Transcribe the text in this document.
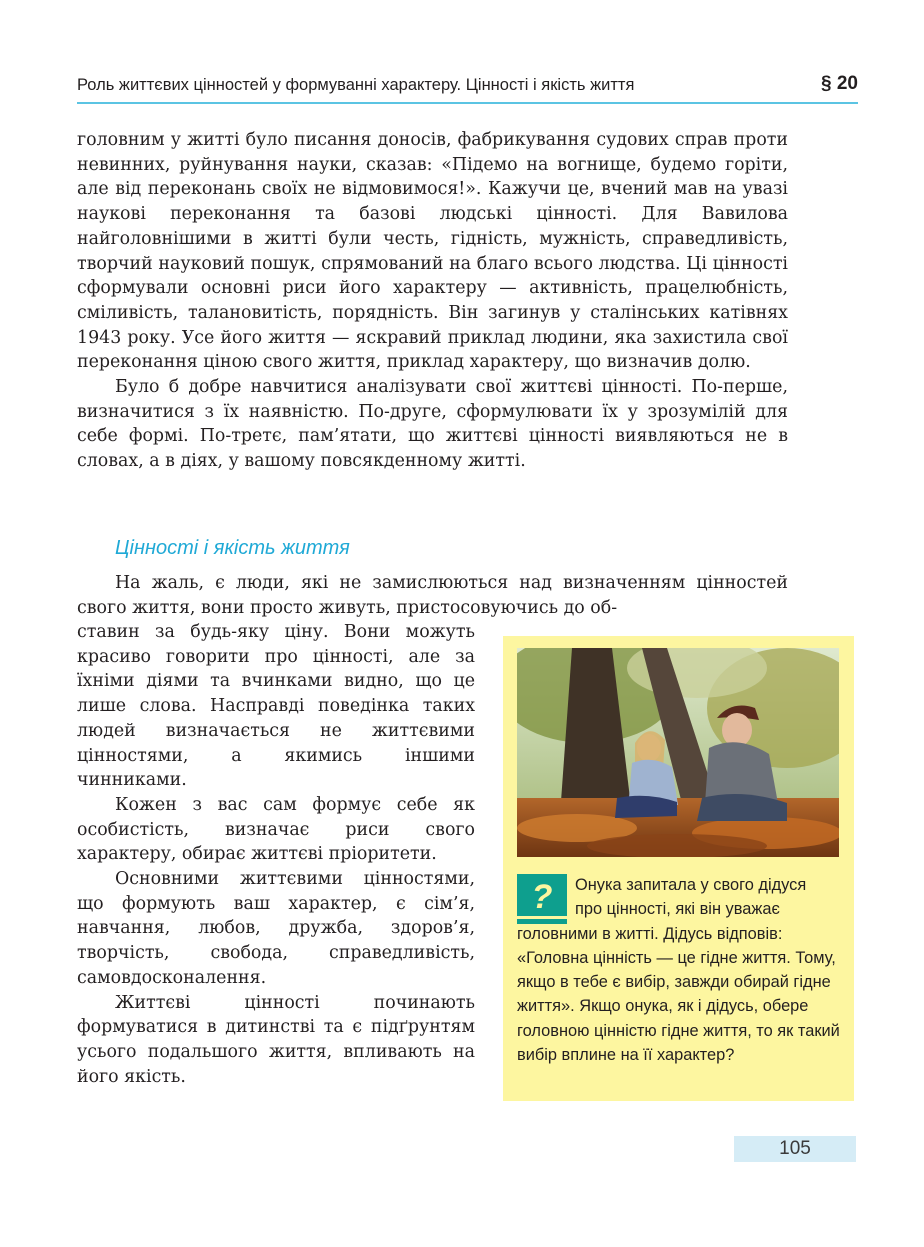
Роль життєвих цінностей у формуванні характеру. Цінності і якість життя	§ 20

головним у житті було писання доносів, фабрикування судових справ проти невинних, руйнування науки, сказав: «Підемо на вогнище, будемо горіти, але від переконань своїх не відмовимося!». Кажучи це, вчений мав на увазі наукові переконання та базові людські цінності. Для Вавилова найголовнішими в житті були честь, гідність, мужність, справедливість, творчий науковий пошук, спрямований на благо всього людства. Ці цінності сформували основні риси його характеру — активність, працелюбність, сміливість, талановитість, порядність. Він загинув у сталінських катівнях 1943 року. Усе його життя — яскравий приклад людини, яка захистила свої переконання ціною свого життя, приклад характеру, що визначив долю.

Було б добре навчитися аналізувати свої життєві цінності. По-перше, визначитися з їх наявністю. По-друге, сформулювати їх у зрозумілій для себе формі. По-третє, пам’ятати, що життєві цінності виявляються не в словах, а в діях, у вашому повсякденному житті.

Цінності і якість життя

На жаль, є люди, які не замислюються над визначенням цінностей свого життя, вони просто живуть, пристосовуючись до об-

ставин за будь-яку ціну. Вони можуть красиво говорити про цінності, але за їхніми діями та вчинками видно, що це лише слова. Насправді поведінка таких людей визначається не життєвими цінностями, а якимись іншими чинниками.

Кожен з вас сам формує себе як особистість, визначає риси свого характеру, обирає життєві пріоритети.

Основними життєвими цінностями, що формують ваш характер, є сім’я, навчання, любов, дружба, здоров’я, творчість, свобода, справедливість, самовдосконалення.

Життєві цінності починають формуватися в дитинстві та є підґрунтям усього подальшого життя, впливають на його якість.

?	Онука запитала у свого дідуся
про цінності, які він уважає головними в житті. Дідусь відповів: «Головна цінність — це гідне життя. Тому, якщо в тебе є вибір, завжди обирай гідне життя». Якщо онука, як і дідусь, обере головною цінністю гідне життя, то як такий вибір вплине на її характер?
105
